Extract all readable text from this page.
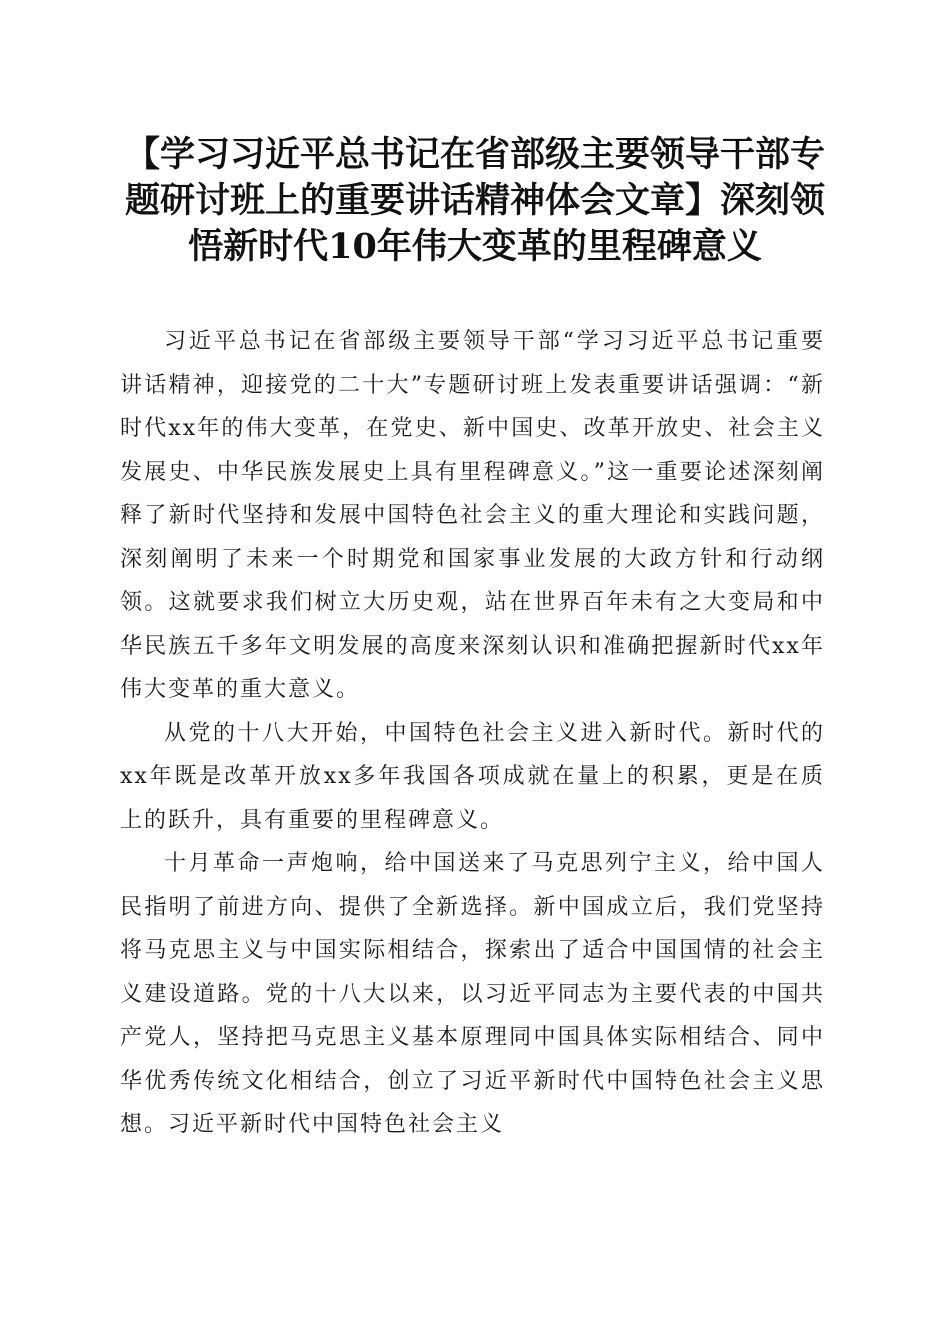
【学习习近平总书记在省部级主要领导干部专题研讨班上的重要讲话精神体会文章】深刻领悟新时代10年伟大变革的里程碑意义

习近平总书记在省部级主要领导干部“学习习近平总书记重要讲话精神，迎接党的二十大”专题研讨班上发表重要讲话强调：“新时代xx年的伟大变革，在党史、新中国史、改革开放史、社会主义发展史、中华民族发展史上具有里程碑意义。”这一重要论述深刻阐释了新时代坚持和发展中国特色社会主义的重大理论和实践问题，深刻阐明了未来一个时期党和国家事业发展的大政方针和行动纲领。这就要求我们树立大历史观，站在世界百年未有之大变局和中华民族五千多年文明发展的高度来深刻认识和准确把握新时代xx年伟大变革的重大意义。

从党的十八大开始，中国特色社会主义进入新时代。新时代的xx年既是改革开放xx多年我国各项成就在量上的积累，更是在质上的跃升，具有重要的里程碑意义。

十月革命一声炮响，给中国送来了马克思列宁主义，给中国人民指明了前进方向、提供了全新选择。新中国成立后，我们党坚持将马克思主义与中国实际相结合，探索出了适合中国国情的社会主义建设道路。党的十八大以来，以习近平同志为主要代表的中国共产党人，坚持把马克思主义基本原理同中国具体实际相结合、同中华优秀传统文化相结合，创立了习近平新时代中国特色社会主义思想。习近平新时代中国特色社会主义
